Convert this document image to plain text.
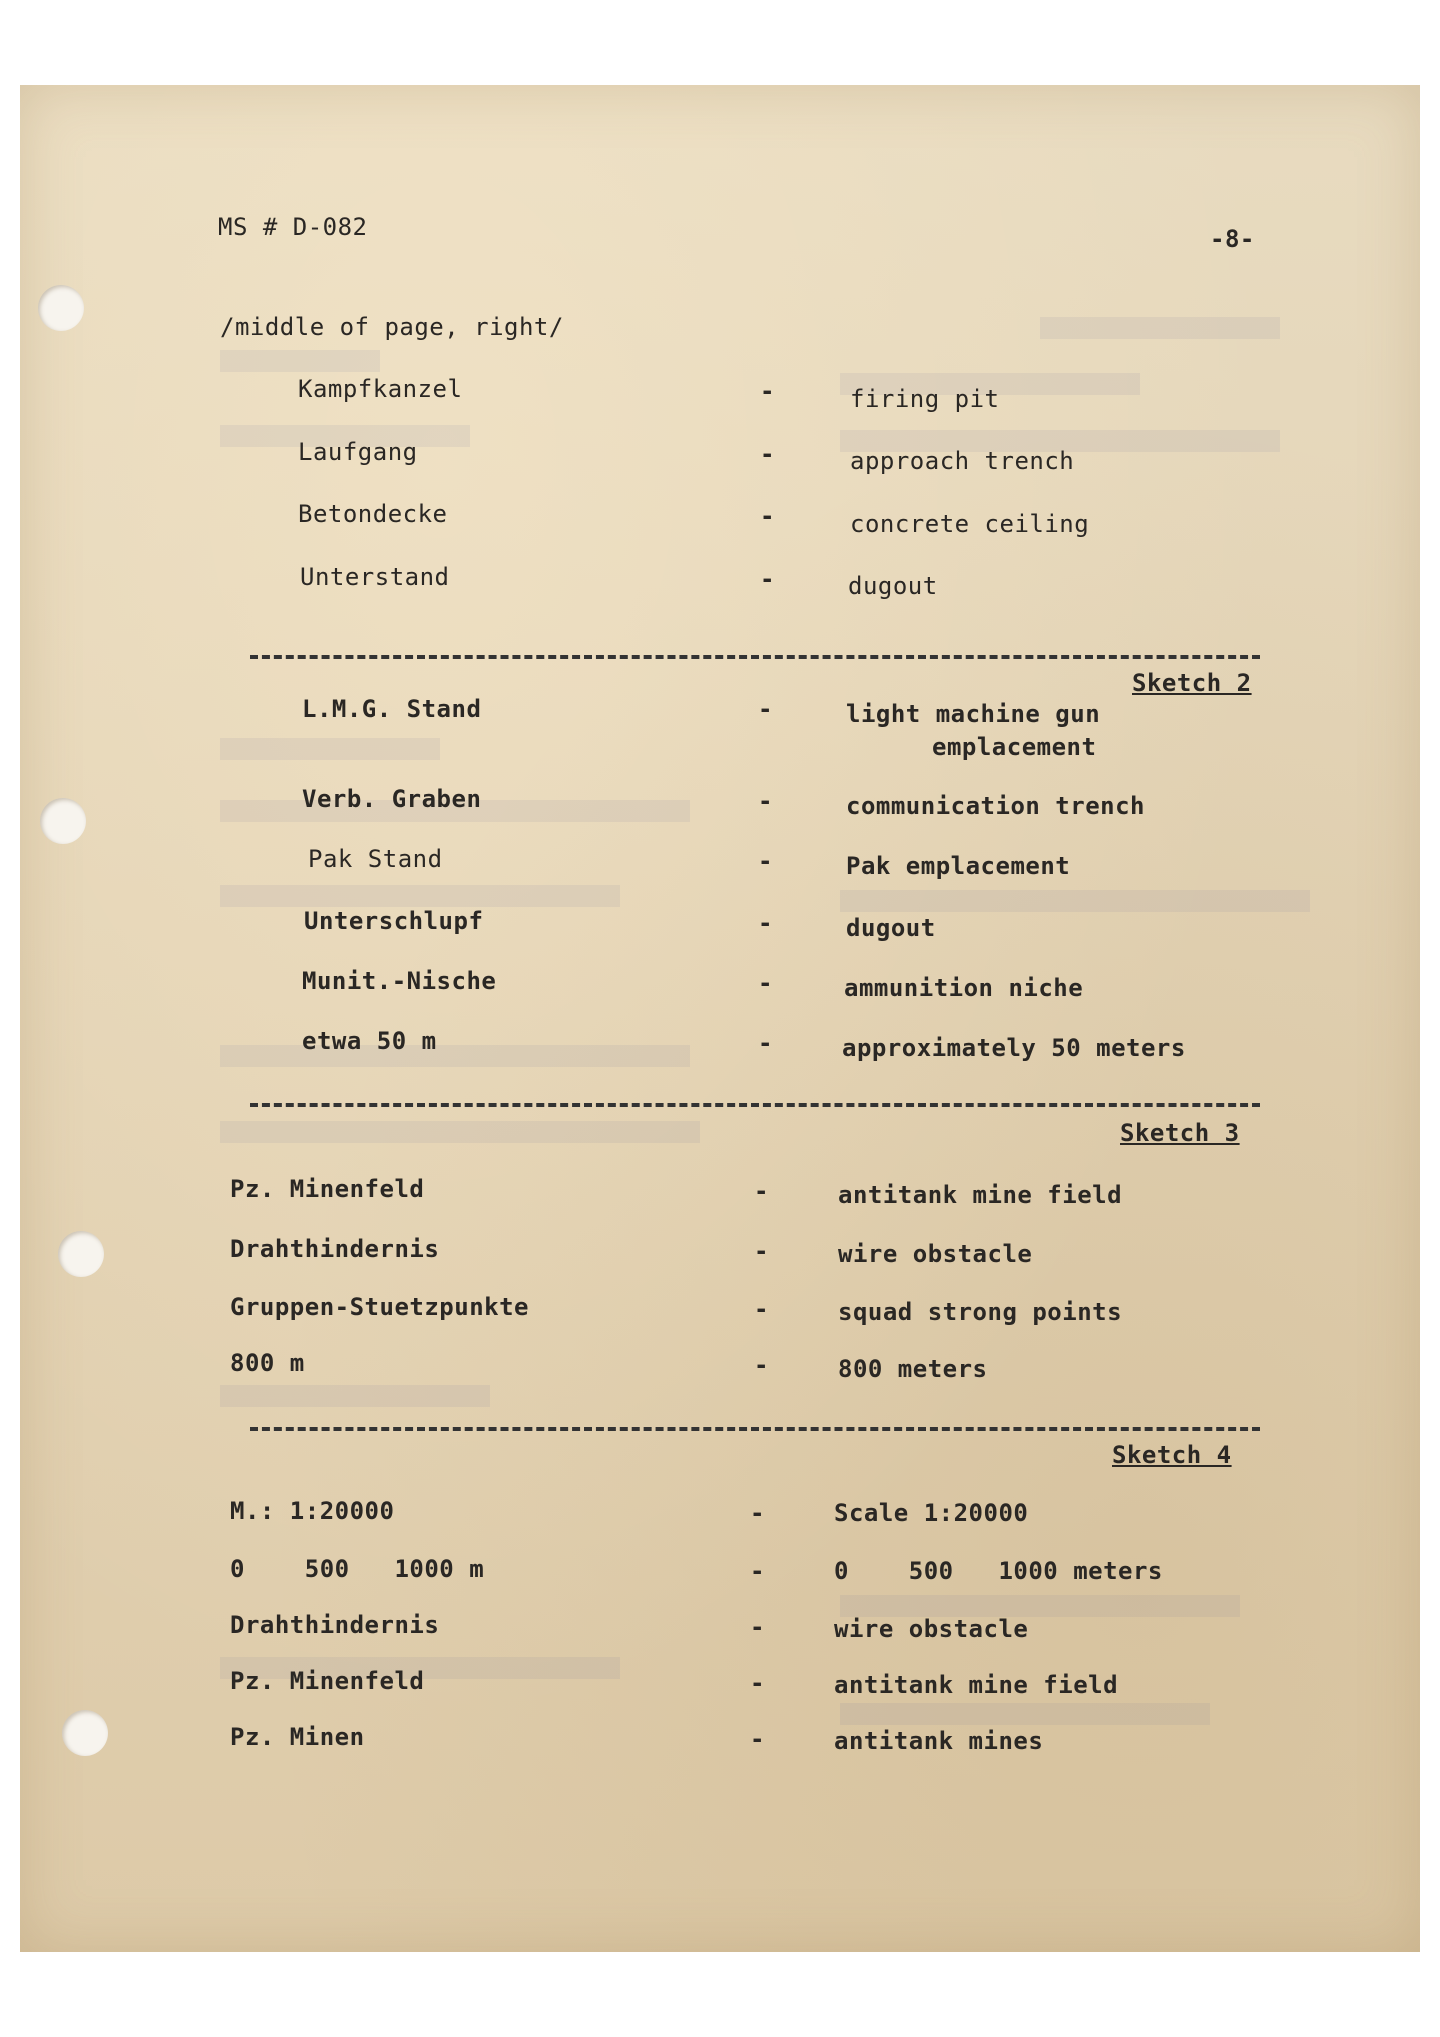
MS # D-082	-8-
/middle of page, right/
Kampfkanzel	-	firing pit
Laufgang	-	approach trench
Betondecke	-	concrete ceiling
Unterstand	-	dugout
Sketch 2
L.M.G. Stand	-	light machine gun
emplacement
Verb. Graben	-	communication trench
Pak Stand	-	Pak emplacement
Unterschlupf	-	dugout
Munit.-Nische	-	ammunition niche
etwa 50 m	-	approximately 50 meters
Sketch 3
Pz. Minenfeld	-	antitank mine field
Drahthindernis	-	wire obstacle
Gruppen-Stuetzpunkte	-	squad strong points
800 m	-	800 meters
Sketch 4
M.: 1:20000	-	Scale 1:20000
0    500   1000 m	-	0    500   1000 meters
Drahthindernis	-	wire obstacle
Pz. Minenfeld	-	antitank mine field
Pz. Minen	-	antitank mines
